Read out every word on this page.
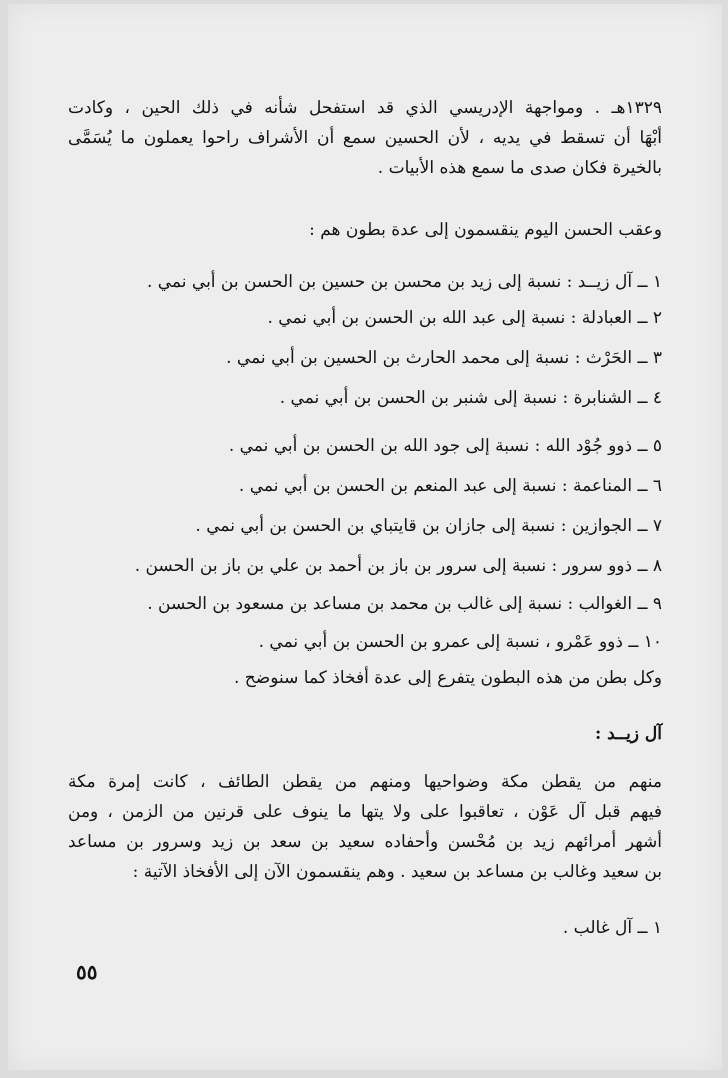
١٣٢٩هـ . ومواجهة الإدريسي الذي قد استفحل شأنه في ذلك الحين ، وكادت
أبْهَا أن تسقط في يديه ، لأن الحسين سمع أن الأشراف راحوا يعملون ما يُسَمَّى
بالخيرة فكان صدى ما سمع هذه الأبيات .
وعقب الحسن اليوم ينقسمون إلى عدة بطون هم :
١ ــ آل زيــد : نسبة إلى زيد بن محسن بن حسين بن الحسن بن أبي نمي .
٢ ــ العبادلة : نسبة إلى عبد الله بن الحسن بن أبي نمي .
٣ ــ الحَرْث : نسبة إلى محمد الحارث بن الحسين بن أبي نمي .
٤ ــ الشنابرة : نسبة إلى شنبر بن الحسن بن أبي نمي .
٥ ــ ذوو جُوْد الله : نسبة إلى جود الله بن الحسن بن أبي نمي .
٦ ــ المناعمة : نسبة إلى عبد المنعم بن الحسن بن أبي نمي .
٧ ــ الجوازين : نسبة إلى جازان بن قايتباي بن الحسن بن أبي نمي .
٨ ــ ذوو سرور : نسبة إلى سرور بن باز بن أحمد بن علي بن باز بن الحسن .
٩ ــ الغوالب : نسبة إلى غالب بن محمد بن مساعد بن مسعود بن الحسن .
١٠ ــ ذوو عَمْرو ، نسبة إلى عمرو بن الحسن بن أبي نمي .
وكل بطن من هذه البطون يتفرع إلى عدة أفخاذ كما سنوضح .
آل زيــد :
منهم من يقطن مكة وضواحيها ومنهم من يقطن الطائف ، كانت إمرة مكة
فيهم قبل آل عَوْن ، تعاقبوا على ولا يتها ما ينوف على قرنين من الزمن ، ومن
أشهر أمرائهم زيد بن مُحْسن وأحفاده سعيد بن سعد بن زيد وسرور بن مساعد
بن سعيد وغالب بن مساعد بن سعيد . وهم ينقسمون الآن إلى الأفخاذ الآتية :
١ ــ آل غالب .
٥٥
